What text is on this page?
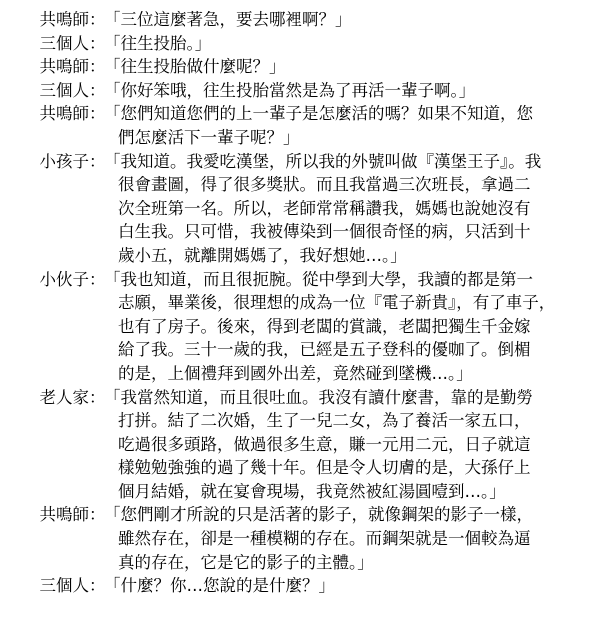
共鳴師 ：
「三位這麼著急，要去哪裡啊？」
三個人 ：
「往生投胎。」
共鳴師 ：
「往生投胎做什麼呢？」
三個人 ：
「你好笨哦，往生投胎當然是為了再活一輩子啊。」
共鳴師 ：
「您們知道您們的上一輩子是怎麼活的嗎？如果不知道，您
們怎麼活下一輩子呢？」
小孩子 ：
「我知道。我愛吃漢堡，所以我的外號叫做『漢堡王子』。我
很會畫圖，得了很多獎狀。而且我當過三次班長，拿過二
次全班第一名。所以，老師常常稱讚我，媽媽也說她沒有
白生我。只可惜，我被傳染到一個很奇怪的病，只活到十
歲小五，就離開媽媽了，我好想她…。」
小伙子 ：
「我也知道，而且很扼腕。從中學到大學，我讀的都是第一
志願，畢業後，很理想的成為一位『電子新貴』，有了車子，
也有了房子。後來，得到老闆的賞識，老闆把獨生千金嫁
給了我。三十一歲的我，已經是五子登科的優咖了。倒楣
的是，上個禮拜到國外出差，竟然碰到墜機…。」
老人家 ：
「我當然知道，而且很吐血。我沒有讀什麼書，靠的是勤勞
打拼。結了二次婚，生了一兒二女，為了養活一家五口，
吃過很多頭路，做過很多生意，賺一元用二元，日子就這
樣勉勉強強的過了幾十年。但是令人切膚的是，大孫仔上
個月結婚，就在宴會現場，我竟然被紅湯圓噎到…。」
共鳴師 ：
「您們剛才所說的只是活著的影子，就像鋼架的影子一樣，
雖然存在，卻是一種模糊的存在。而鋼架就是一個較為逼
真的存在，它是它的影子的主體。」
三個人 ：
「什麼？你…您說的是什麼？」
